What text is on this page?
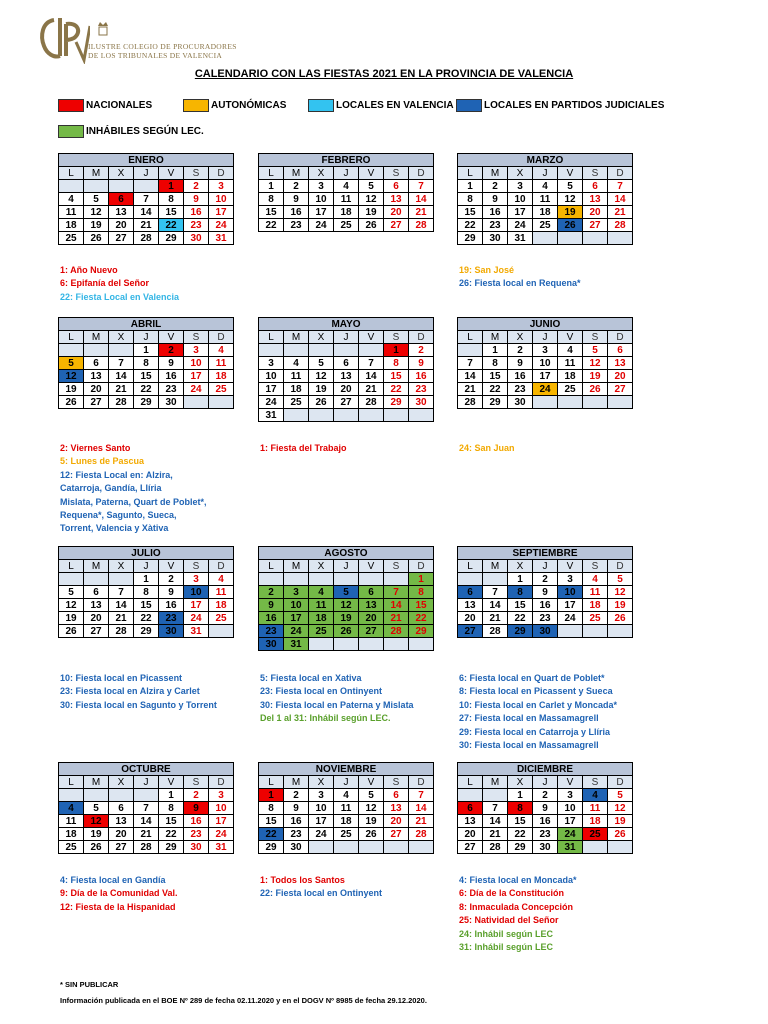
ILUSTRE COLEGIO DE PROCURADORES
DE LOS TRIBUNALES DE VALENCIA
CALENDARIO CON LAS FIESTAS 2021 EN LA PROVINCIA DE VALENCIA
NACIONALES	AUTONÓMICAS	LOCALES EN VALENCIA	LOCALES EN PARTIDOS JUDICIALES
INHÁBILES SEGÚN LEC.
ENERO						
L	M	X	J	V	S	D
				1	2	3
4	5	6	7	8	9	10
11	12	13	14	15	16	17
18	19	20	21	22	23	24
25	26	27	28	29	30	31
FEBRERO						
L	M	X	J	V	S	D
1	2	3	4	5	6	7
8	9	10	11	12	13	14
15	16	17	18	19	20	21
22	23	24	25	26	27	28
MARZO						
L	M	X	J	V	S	D
1	2	3	4	5	6	7
8	9	10	11	12	13	14
15	16	17	18	19	20	21
22	23	24	25	26	27	28
29	30	31				
ABRIL						
L	M	X	J	V	S	D
			1	2	3	4
5	6	7	8	9	10	11
12	13	14	15	16	17	18
19	20	21	22	23	24	25
26	27	28	29	30		
MAYO						
L	M	X	J	V	S	D
					1	2
3	4	5	6	7	8	9
10	11	12	13	14	15	16
17	18	19	20	21	22	23
24	25	26	27	28	29	30
31						
JUNIO						
L	M	X	J	V	S	D
	1	2	3	4	5	6
7	8	9	10	11	12	13
14	15	16	17	18	19	20
21	22	23	24	25	26	27
28	29	30				
JULIO						
L	M	X	J	V	S	D
			1	2	3	4
5	6	7	8	9	10	11
12	13	14	15	16	17	18
19	20	21	22	23	24	25
26	27	28	29	30	31	
AGOSTO						
L	M	X	J	V	S	D
						1
2	3	4	5	6	7	8
9	10	11	12	13	14	15
16	17	18	19	20	21	22
23	24	25	26	27	28	29
30	31					
SEPTIEMBRE						
L	M	X	J	V	S	D
		1	2	3	4	5
6	7	8	9	10	11	12
13	14	15	16	17	18	19
20	21	22	23	24	25	26
27	28	29	30			
OCTUBRE						
L	M	X	J	V	S	D
				1	2	3
4	5	6	7	8	9	10
11	12	13	14	15	16	17
18	19	20	21	22	23	24
25	26	27	28	29	30	31
NOVIEMBRE						
L	M	X	J	V	S	D
1	2	3	4	5	6	7
8	9	10	11	12	13	14
15	16	17	18	19	20	21
22	23	24	25	26	27	28
29	30					
DICIEMBRE						
L	M	X	J	V	S	D
		1	2	3	4	5
6	7	8	9	10	11	12
13	14	15	16	17	18	19
20	21	22	23	24	25	26
27	28	29	30	31		
1: Año Nuevo
6: Epifanía del Señor
22: Fiesta Local en Valencia
19: San José
26: Fiesta local en Requena*
2: Viernes Santo
5: Lunes de Pascua
12: Fiesta Local en: Alzira,
Catarroja, Gandía, Llíria
Mislata, Paterna, Quart de Poblet*,
Requena*, Sagunto, Sueca,
Torrent, Valencia y Xàtiva
1: Fiesta del Trabajo	24: San Juan
10: Fiesta local en Picassent
23: Fiesta local en Alzira y Carlet
30: Fiesta local en Sagunto y Torrent
5: Fiesta local en Xativa
23: Fiesta local en Ontinyent
30: Fiesta local en Paterna y Mislata
Del 1 al 31: Inhábil según LEC.
6: Fiesta local en Quart de Poblet*
8: Fiesta local en Picassent y Sueca
10: Fiesta local en Carlet y Moncada*
27: Fiesta local en Massamagrell
29: Fiesta local en Catarroja y Llíria
30: Fiesta local en Massamagrell
4: Fiesta local en Gandía
9: Día de la Comunidad Val.
12: Fiesta de la Hispanidad
1: Todos los Santos
22: Fiesta local en Ontinyent
4: Fiesta local en Moncada*
6: Día de la Constitución
8: Inmaculada Concepción
25: Natividad del Señor
24: Inhábil según LEC
31: Inhábil según LEC
* SIN PUBLICAR
Información publicada en el BOE Nº 289 de fecha 02.11.2020 y en el DOGV Nº 8985 de fecha 29.12.2020.
